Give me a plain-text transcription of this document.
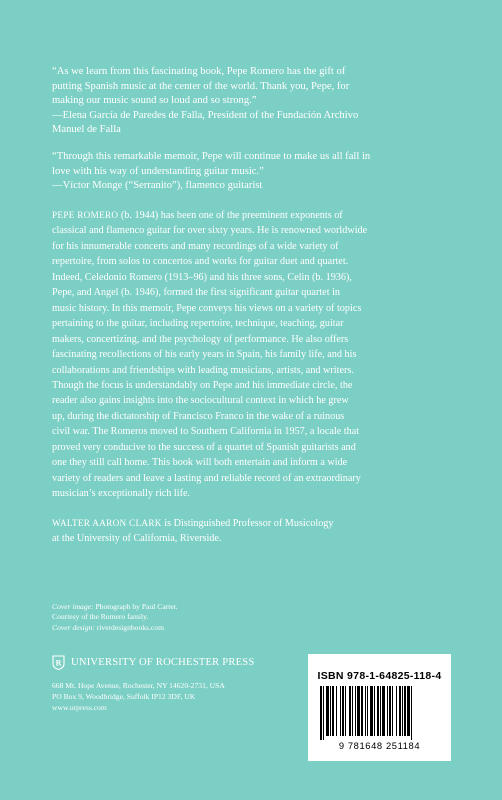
“As we learn from this fascinating book, Pepe Romero has the gift of

putting Spanish music at the center of the world. Thank you, Pepe, for

making our music sound so loud and so strong.”

—Elena García de Paredes de Falla, President of the Fundación Archivo

Manuel de Falla

“Through this remarkable memoir, Pepe will continue to make us all fall in

love with his way of understanding guitar music.”

—Víctor Monge (“Serranito”), flamenco guitarist

PEPE ROMERO (b. 1944) has been one of the preeminent exponents of
classical and flamenco guitar for over sixty years. He is renowned worldwide
for his innumerable concerts and many recordings of a wide variety of
repertoire, from solos to concertos and works for guitar duet and quartet.
Indeed, Celedonio Romero (1913–96) and his three sons, Celin (b. 1936),
Pepe, and Angel (b. 1946), formed the first significant guitar quartet in
music history. In this memoir, Pepe conveys his views on a variety of topics
pertaining to the guitar, including repertoire, technique, teaching, guitar
makers, concertizing, and the psychology of performance. He also offers
fascinating recollections of his early years in Spain, his family life, and his
collaborations and friendships with leading musicians, artists, and writers.
Though the focus is understandably on Pepe and his immediate circle, the
reader also gains insights into the sociocultural context in which he grew
up, during the dictatorship of Francisco Franco in the wake of a ruinous
civil war. The Romeros moved to Southern California in 1957, a locale that
proved very conducive to the success of a quartet of Spanish guitarists and
one they still call home. This book will both entertain and inform a wide
variety of readers and leave a lasting and reliable record of an extraordinary
musician’s exceptionally rich life.
WALTER AARON CLARK is Distinguished Professor of Musicology
at the University of California, Riverside.
Cover image: Photograph by Paul Carter.
Courtesy of the Romero family.
Cover design: riverdesignbooks.com
R UNIVERSITY OF ROCHESTER PRESS
668 Mt. Hope Avenue, Rochester, NY 14620-2731, USA
PO Box 9, Woodbridge, Suffolk IP12 3DF, UK
www.urpress.com
ISBN 978-1-64825-118-4
9 781648 251184
